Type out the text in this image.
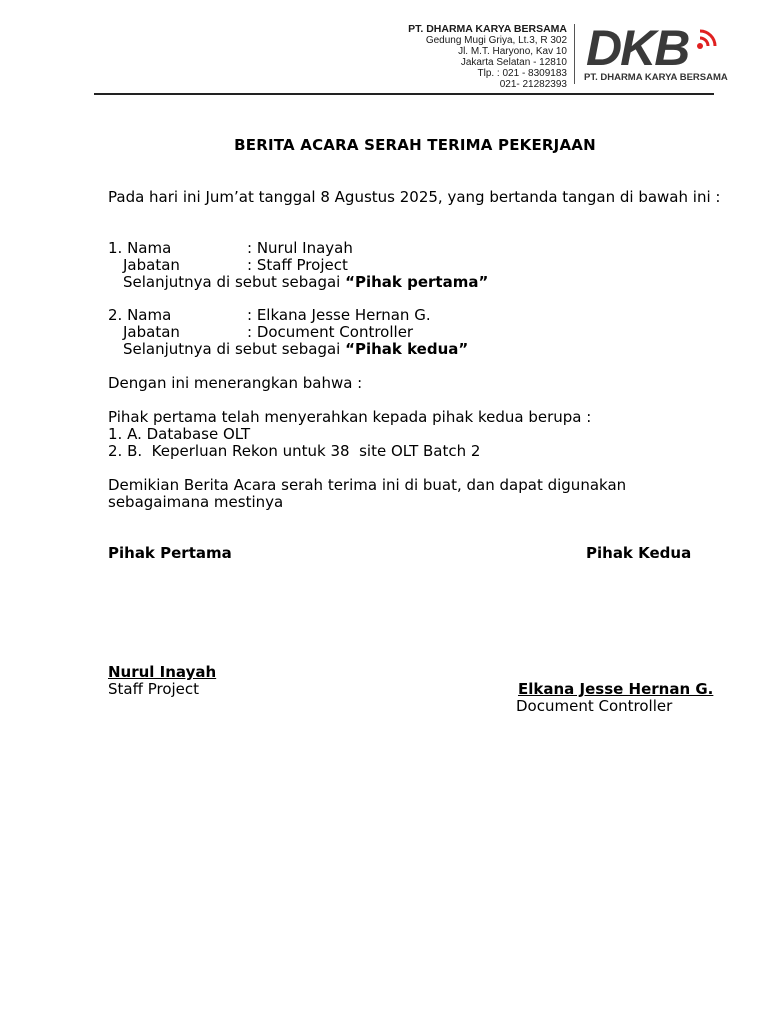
PT. DHARMA KARYA BERSAMA
Gedung Mugi Griya, Lt.3, R 302
Jl. M.T. Haryono, Kav 10
Jakarta Selatan - 12810
Tlp. : 021 - 8309183
021- 21282393
DKB
PT. DHARMA KARYA BERSAMA
BERITA ACARA SERAH TERIMA PEKERJAAN
Pada hari ini Jum’at tanggal 8 Agustus 2025, yang bertanda tangan di bawah ini :
1. Nama	: Nurul Inayah
Jabatan	: Staff Project
Selanjutnya di sebut sebagai “Pihak pertama”
2. Nama	: Elkana Jesse Hernan G.
Jabatan	: Document Controller
Selanjutnya di sebut sebagai “Pihak kedua”
Dengan ini menerangkan bahwa :
Pihak pertama telah menyerahkan kepada pihak kedua berupa :
1. A. Database OLT
2. B.  Keperluan Rekon untuk 38  site OLT Batch 2
Demikian Berita Acara serah terima ini di buat, dan dapat digunakan
sebagaimana mestinya
Pihak Pertama	Pihak Kedua
Nurul Inayah
Staff Project	Elkana Jesse Hernan G.
Document Controller
